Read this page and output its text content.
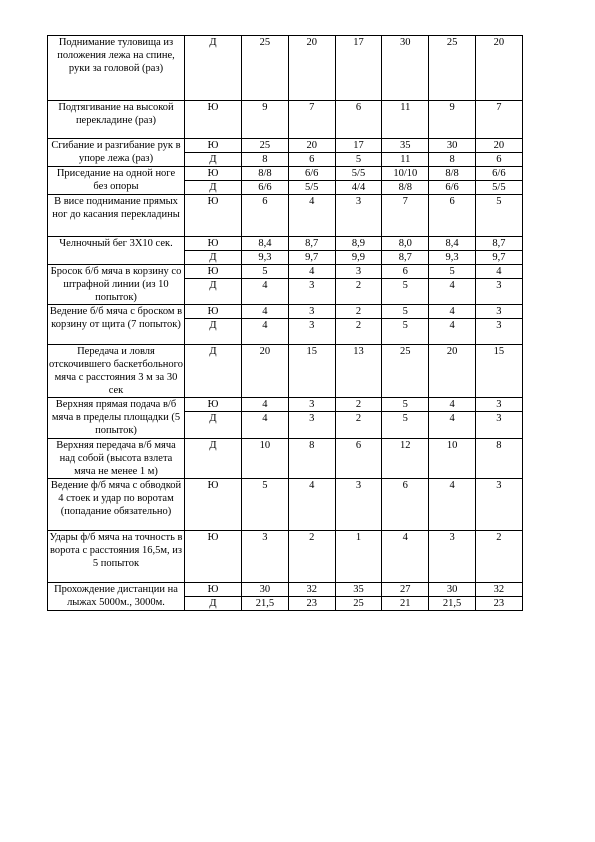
Поднимание туловища из положения лежа на спине, руки за головой (раз)	Д	25	20	17	30	25	20
Подтягивание на высокой перекладине (раз)	Ю	9	7	6	11	9	7
Сгибание и разгибание рук в упоре лежа (раз)	Ю	25	20	17	35	30	20
	Д	8	6	5	11	8	6
Приседание на одной ноге без опоры	Ю	8/8	6/6	5/5	10/10	8/8	6/6
	Д	6/6	5/5	4/4	8/8	6/6	5/5
В висе поднимание прямых ног до касания перекладины	Ю	6	4	3	7	6	5
Челночный бег 3Х10 сек.	Ю	8,4	8,7	8,9	8,0	8,4	8,7
	Д	9,3	9,7	9,9	8,7	9,3	9,7
Бросок б/б мяча в корзину со штрафной линии (из 10 попыток)	Ю	5	4	3	6	5	4
	Д	4	3	2	5	4	3
Ведение б/б мяча с броском в корзину от щита (7 попыток)	Ю	4	3	2	5	4	3
	Д	4	3	2	5	4	3
Передача и ловля отскочившего баскетбольного мяча с расстояния 3 м за 30 сек	Д	20	15	13	25	20	15
Верхняя прямая подача в/б мяча в пределы площадки (5 попыток)	Ю	4	3	2	5	4	3
	Д	4	3	2	5	4	3
Верхняя передача в/б мяча над собой (высота взлета мяча не менее 1 м)	Д	10	8	6	12	10	8
Ведение ф/б мяча с обводкой 4 стоек и удар по воротам (попадание обязательно)	Ю	5	4	3	6	4	3
Удары ф/б мяча на точность в ворота с расстояния 16,5м, из 5 попыток	Ю	3	2	1	4	3	2
Прохождение дистанции на лыжах 5000м., 3000м.	Ю	30	32	35	27	30	32
	Д	21,5	23	25	21	21,5	23
